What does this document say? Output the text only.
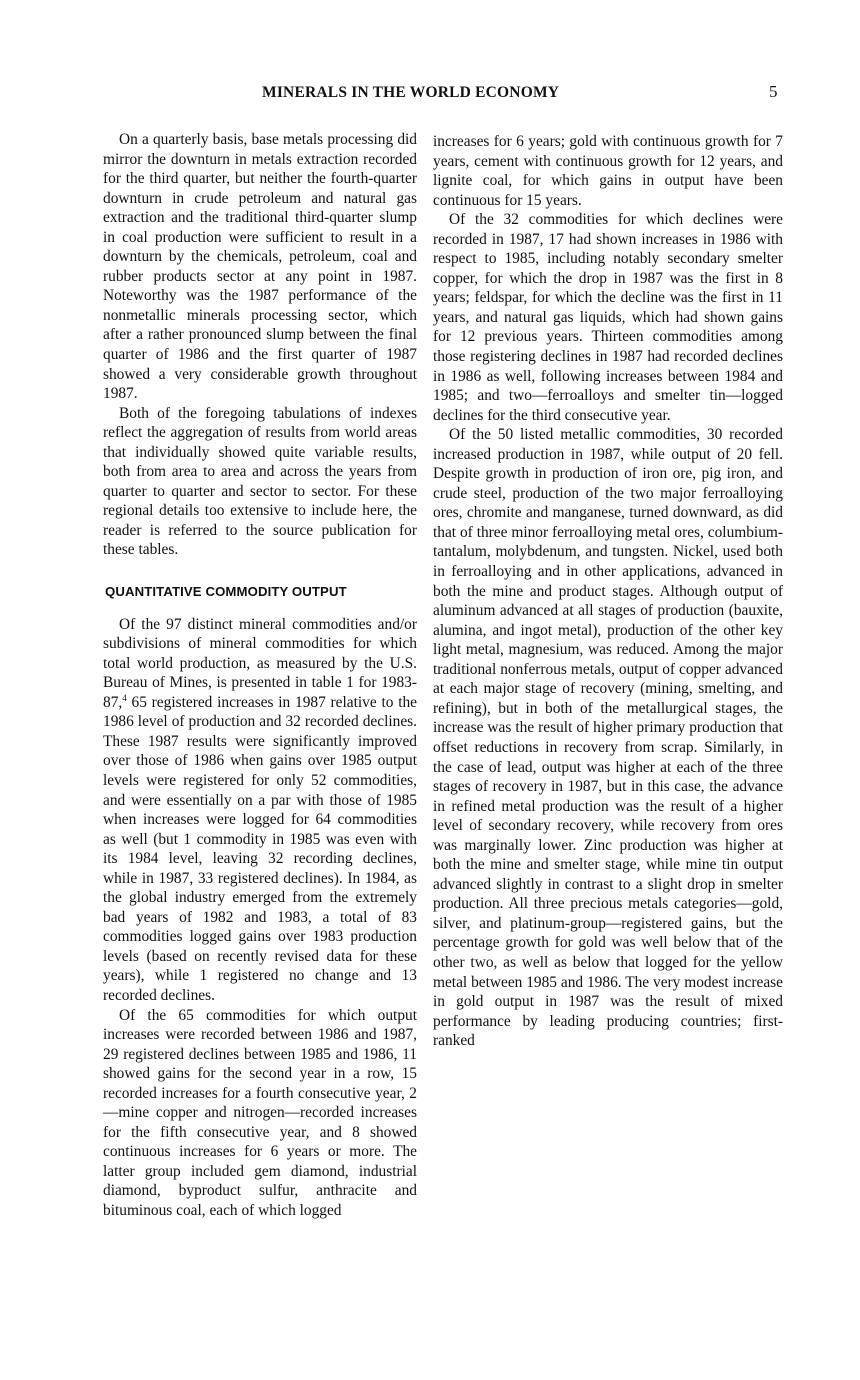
MINERALS IN THE WORLD ECONOMY	5

On a quarterly basis, base metals processing did mirror the downturn in metals extraction recorded for the third quarter, but neither the fourth-quarter downturn in crude petroleum and natural gas extraction and the traditional third-quarter slump in coal production were sufficient to result in a downturn by the chemicals, petroleum, coal and rubber products sector at any point in 1987. Noteworthy was the 1987 performance of the nonmetallic minerals processing sector, which after a rather pronounced slump between the final quarter of 1986 and the first quarter of 1987 showed a very considerable growth throughout 1987.

Both of the foregoing tabulations of indexes reflect the aggregation of results from world areas that individually showed quite variable results, both from area to area and across the years from quarter to quarter and sector to sector. For these regional details too extensive to include here, the reader is referred to the source publication for these tables.

QUANTITATIVE COMMODITY OUTPUT

Of the 97 distinct mineral commodities and/or subdivisions of mineral commodities for which total world production, as measured by the U.S. Bureau of Mines, is presented in table 1 for 1983-87,$^4$ 65 registered increases in 1987 relative to the 1986 level of production and 32 recorded declines. These 1987 results were significantly improved over those of 1986 when gains over 1985 output levels were registered for only 52 commodities, and were essentially on a par with those of 1985 when increases were logged for 64 commodities as well (but 1 commodity in 1985 was even with its 1984 level, leaving 32 recording declines, while in 1987, 33 registered declines). In 1984, as the global industry emerged from the extremely bad years of 1982 and 1983, a total of 83 commodities logged gains over 1983 production levels (based on recently revised data for these years), while 1 registered no change and 13 recorded declines.

Of the 65 commodities for which output increases were recorded between 1986 and 1987, 29 registered declines between 1985 and 1986, 11 showed gains for the second year in a row, 15 recorded increases for a fourth consecutive year, 2—mine copper and nitrogen—recorded increases for the fifth consecutive year, and 8 showed continuous increases for 6 years or more. The latter group included gem diamond, industrial diamond, byproduct sulfur, anthracite and bituminous coal, each of which logged

increases for 6 years; gold with continuous growth for 7 years, cement with continuous growth for 12 years, and lignite coal, for which gains in output have been continuous for 15 years.

Of the 32 commodities for which declines were recorded in 1987, 17 had shown increases in 1986 with respect to 1985, including notably secondary smelter copper, for which the drop in 1987 was the first in 8 years; feldspar, for which the decline was the first in 11 years, and natural gas liquids, which had shown gains for 12 previous years. Thirteen commodities among those registering declines in 1987 had recorded declines in 1986 as well, following increases between 1984 and 1985; and two—ferroalloys and smelter tin—logged declines for the third consecutive year.

Of the 50 listed metallic commodities, 30 recorded increased production in 1987, while output of 20 fell. Despite growth in production of iron ore, pig iron, and crude steel, production of the two major ferroalloying ores, chromite and manganese, turned downward, as did that of three minor ferroalloying metal ores, columbium-tantalum, molybdenum, and tungsten. Nickel, used both in ferroalloying and in other applications, advanced in both the mine and product stages. Although output of aluminum advanced at all stages of production (bauxite, alumina, and ingot metal), production of the other key light metal, magnesium, was reduced. Among the major traditional nonferrous metals, output of copper advanced at each major stage of recovery (mining, smelting, and refining), but in both of the metallurgical stages, the increase was the result of higher primary production that offset reductions in recovery from scrap. Similarly, in the case of lead, output was higher at each of the three stages of recovery in 1987, but in this case, the advance in refined metal production was the result of a higher level of secondary recovery, while recovery from ores was marginally lower. Zinc production was higher at both the mine and smelter stage, while mine tin output advanced slightly in contrast to a slight drop in smelter production. All three precious metals categories—gold, silver, and platinum-group—registered gains, but the percentage growth for gold was well below that of the other two, as well as below that logged for the yellow metal between 1985 and 1986. The very modest increase in gold output in 1987 was the result of mixed performance by leading producing countries; first-ranked
